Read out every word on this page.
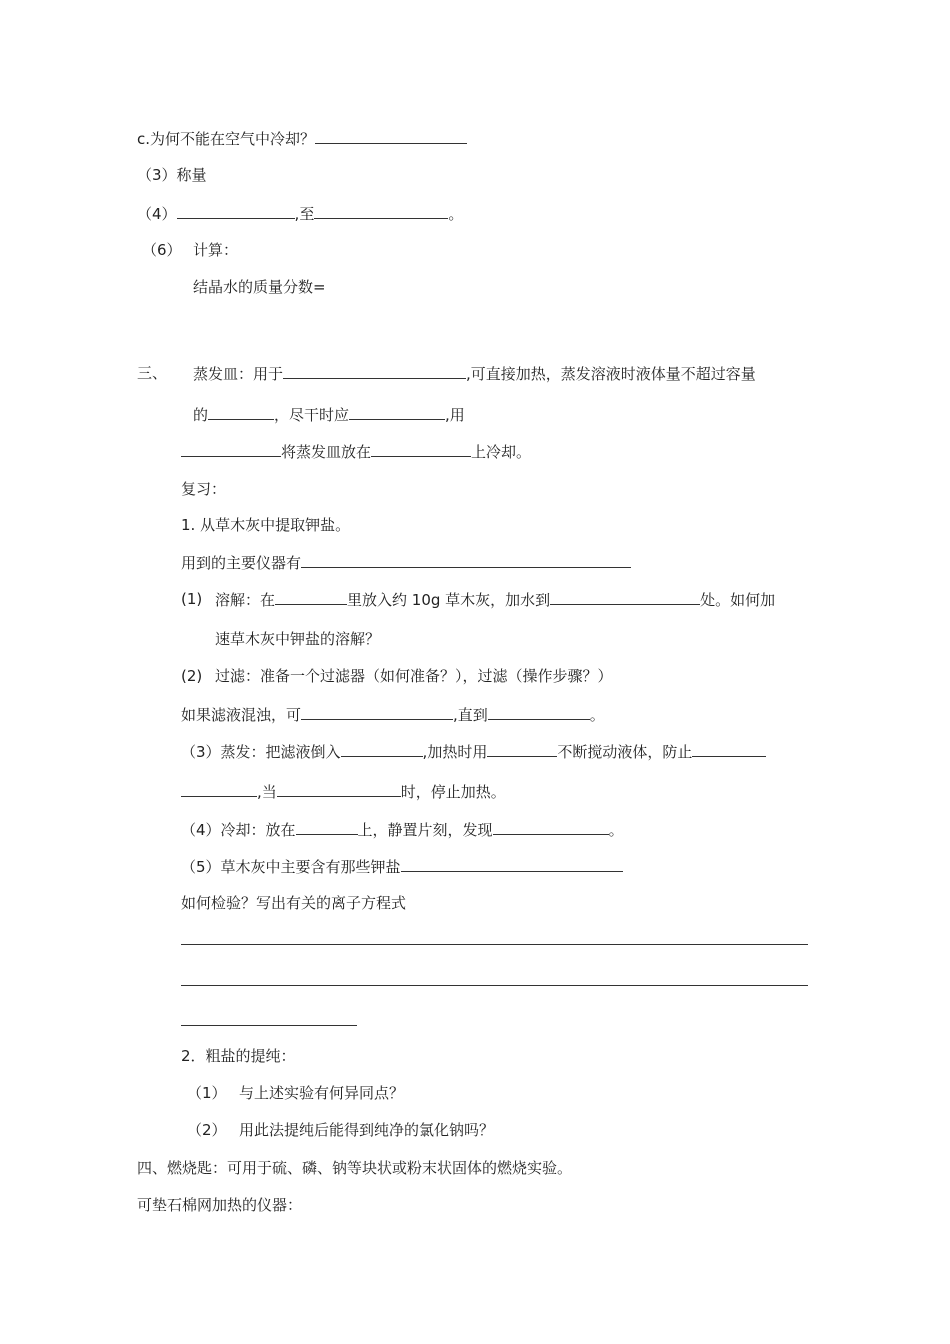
c.为何不能在空气中冷却？
（3）称量
（4）	,至	。
（6） 计算：
结晶水的质量分数=
三、 蒸发皿：用于	,可直接加热，蒸发溶液时液体量不超过容量
的	，尽干时应	,用
将蒸发皿放在	上冷却。
复习：
1. 从草木灰中提取钾盐。
用到的主要仪器有
(1) 溶解：在	里放入约 10g 草木灰，加水到	处。如何加
速草木灰中钾盐的溶解？
(2) 过滤：准备一个过滤器（如何准备？），过滤（操作步骤？）
如果滤液混浊，可	,直到	。
（3）蒸发：把滤液倒入	,加热时用	不断搅动液体，防止
,当	时，停止加热。
（4）冷却：放在	上，静置片刻，发现	。
（5）草木灰中主要含有那些钾盐
如何检验？写出有关的离子方程式
2．粗盐的提纯：
（1） 与上述实验有何异同点？
（2） 用此法提纯后能得到纯净的氯化钠吗？
四、燃烧匙：可用于硫、磷、钠等块状或粉末状固体的燃烧实验。
可垫石棉网加热的仪器：
